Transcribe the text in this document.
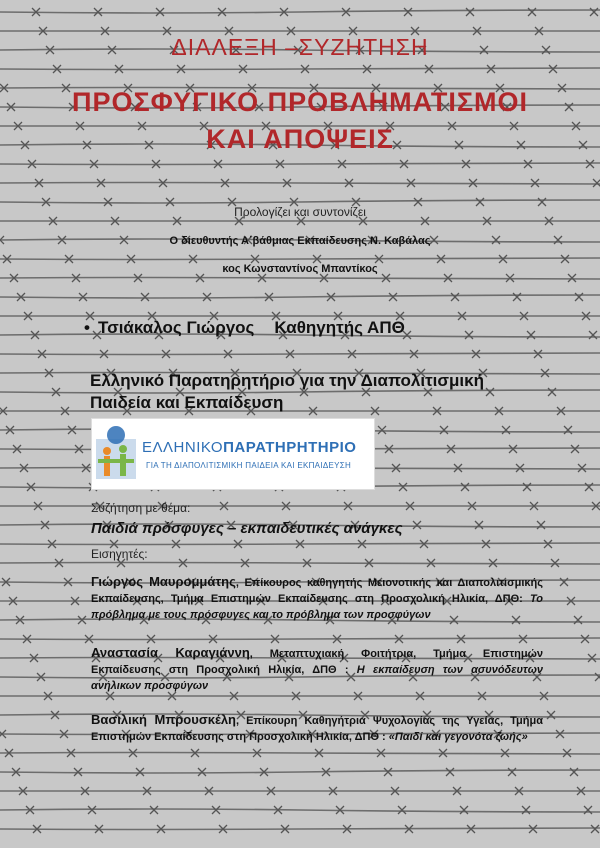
ΔΙΑΛΕΞΗ –ΣΥΖΗΤΗΣΗ
ΠΡΟΣΦΥΓΙΚΟ ΠΡΟΒΛΗΜΑΤΙΣΜΟΙ ΚΑΙ ΑΠΟΨΕΙΣ
Προλογίζει και συντονίζει
Ο διευθυντής Α΄βάθμιας Εκπαίδευσης Ν. Καβάλας
κος Κωνσταντίνος Μπαντίκος
• Τσιάκαλος Γιώργος Καθηγητής ΑΠΘ
Ελληνικό Παρατηρητήριο για την Διαπολιτισμική Παιδεία και Εκπαίδευση
ΕΛΛΗΝΙΚΟΠΑΡΑΤΗΡΗΤΗΡΙΟ
ΓΙΑ ΤΗ ΔΙΑΠΟΛΙΤΙΣΜΙΚΗ ΠΑΙΔΕΙΑ ΚΑΙ ΕΚΠΑΙΔΕΥΣΗ
Συζήτηση με θέμα:
Παιδιά πρόσφυγες – εκπαιδευτικές ανάγκες
Εισηγητές:
Γιώργος Μαυρομμάτης, Επίκουρος καθηγητής Μειονοτικής και Διαπολιτισμικής Εκπαίδευσης, Τμήμα Επιστημών Εκπαίδευσης στη Προσχολική Ηλικία, ΔΠΘ: Το πρόβλημα με τους πρόσφυγες και το πρόβλημα των προσφύγων
Αναστασία Καραγιάννη, Μεταπτυχιακή Φοιτήτρια, Τμήμα Επιστημών Εκπαίδευσης στη Προσχολική Ηλικία, ΔΠΘ : Η εκπαίδευση των ασυνόδευτων ανήλικων προσφύγων
Βασιλική Μπρουσκέλη, Επίκουρη Καθηγήτρια Ψυχολογίας της Υγείας, Τμήμα Επιστημών Εκπαίδευσης στη Προσχολική Ηλικία, ΔΠΘ : «Παιδί και γεγονότα ζωής»
